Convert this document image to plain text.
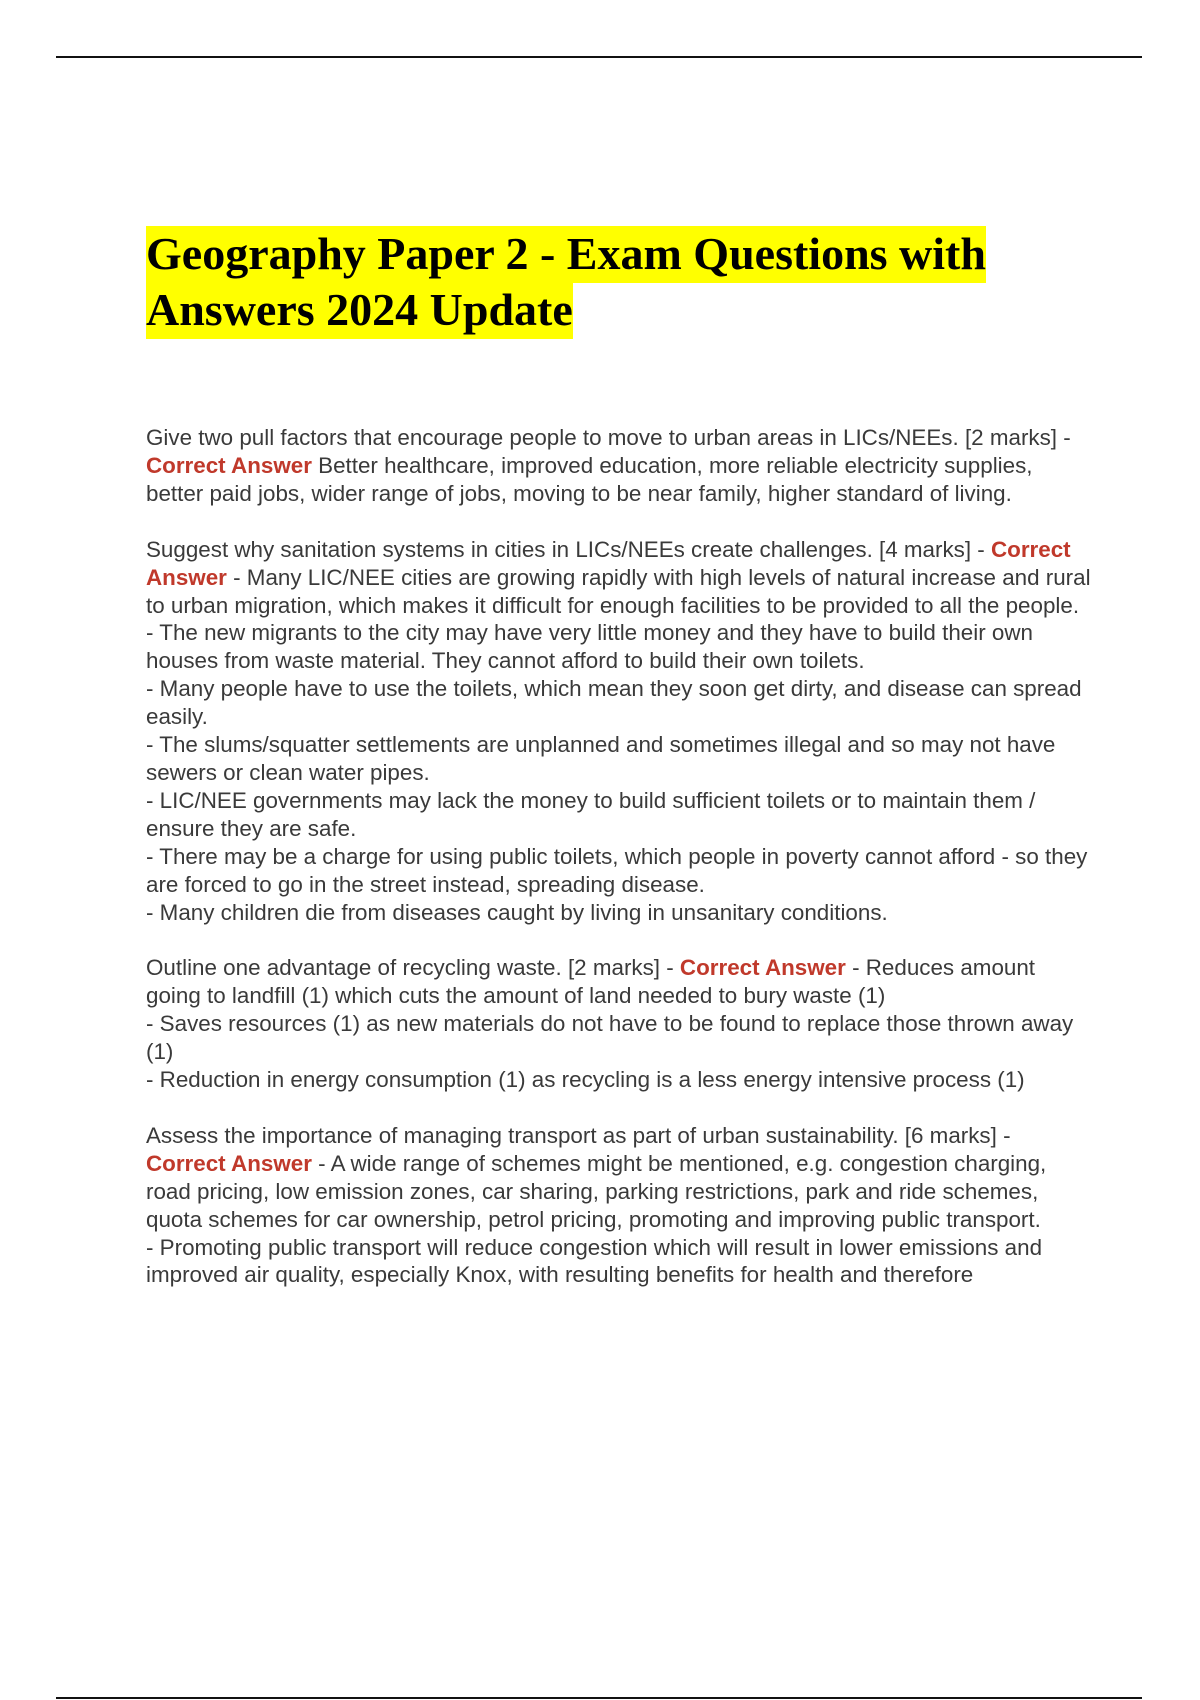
Geography Paper 2 - Exam Questions with Answers 2024 Update

Give two pull factors that encourage people to move to urban areas in LICs/NEEs. [2 marks] - Correct Answer Better healthcare, improved education, more reliable electricity supplies, better paid jobs, wider range of jobs, moving to be near family, higher standard of living.

Suggest why sanitation systems in cities in LICs/NEEs create challenges. [4 marks] - Correct Answer - Many LIC/NEE cities are growing rapidly with high levels of natural increase and rural to urban migration, which makes it difficult for enough facilities to be provided to all the people.

- The new migrants to the city may have very little money and they have to build their own houses from waste material. They cannot afford to build their own toilets.

- Many people have to use the toilets, which mean they soon get dirty, and disease can spread easily.

- The slums/squatter settlements are unplanned and sometimes illegal and so may not have sewers or clean water pipes.

- LIC/NEE governments may lack the money to build sufficient toilets or to maintain them / ensure they are safe.

- There may be a charge for using public toilets, which people in poverty cannot afford - so they are forced to go in the street instead, spreading disease.

- Many children die from diseases caught by living in unsanitary conditions.

Outline one advantage of recycling waste. [2 marks] - Correct Answer - Reduces amount going to landfill (1) which cuts the amount of land needed to bury waste (1)

- Saves resources (1) as new materials do not have to be found to replace those thrown away (1)

- Reduction in energy consumption (1) as recycling is a less energy intensive process (1)

Assess the importance of managing transport as part of urban sustainability. [6 marks] - Correct Answer - A wide range of schemes might be mentioned, e.g. congestion charging, road pricing, low emission zones, car sharing, parking restrictions, park and ride schemes, quota schemes for car ownership, petrol pricing, promoting and improving public transport.

- Promoting public transport will reduce congestion which will result in lower emissions and improved air quality, especially Knox, with resulting benefits for health and therefore
